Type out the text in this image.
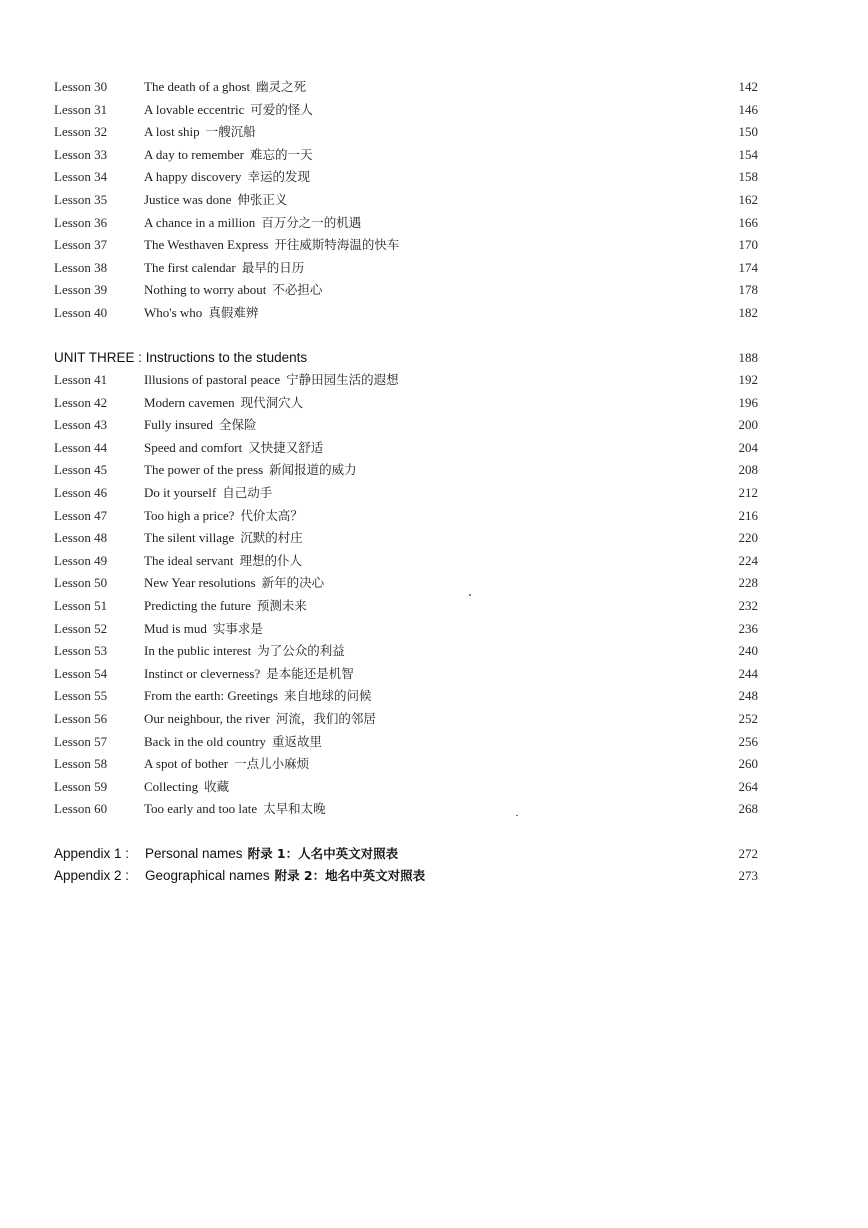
Lesson 30	The death of a ghost 幽灵之死	142
Lesson 31	A lovable eccentric 可爱的怪人	146
Lesson 32	A lost ship 一艘沉船	150
Lesson 33	A day to remember 难忘的一天	154
Lesson 34	A happy discovery 幸运的发现	158
Lesson 35	Justice was done 伸张正义	162
Lesson 36	A chance in a million 百万分之一的机遇	166
Lesson 37	The Westhaven Express 开往威斯特海温的快车	170
Lesson 38	The first calendar 最早的日历	174
Lesson 39	Nothing to worry about 不必担心	178
Lesson 40	Who's who 真假难辨	182
UNIT THREE : Instructions to the students	188
Lesson 41	Illusions of pastoral peace 宁静田园生活的遐想	192
Lesson 42	Modern cavemen 现代洞穴人	196
Lesson 43	Fully insured 全保险	200
Lesson 44	Speed and comfort 又快捷又舒适	204
Lesson 45	The power of the press 新闻报道的威力	208
Lesson 46	Do it yourself 自己动手	212
Lesson 47	Too high a price? 代价太高？	216
Lesson 48	The silent village 沉默的村庄	220
Lesson 49	The ideal servant 理想的仆人	224
Lesson 50	New Year resolutions 新年的决心	228
Lesson 51	Predicting the future 预测未来	232
Lesson 52	Mud is mud 实事求是	236
Lesson 53	In the public interest 为了公众的利益	240
Lesson 54	Instinct or cleverness? 是本能还是机智	244
Lesson 55	From the earth: Greetings 来自地球的问候	248
Lesson 56	Our neighbour, the river 河流，我们的邻居	252
Lesson 57	Back in the old country 重返故里	256
Lesson 58	A spot of bother 一点儿小麻烦	260
Lesson 59	Collecting 收藏	264
Lesson 60	Too early and too late 太早和太晚	268
Appendix 1 : Personal names 附录 1：人名中英文对照表	272
Appendix 2 : Geographical names 附录 2：地名中英文对照表	273
